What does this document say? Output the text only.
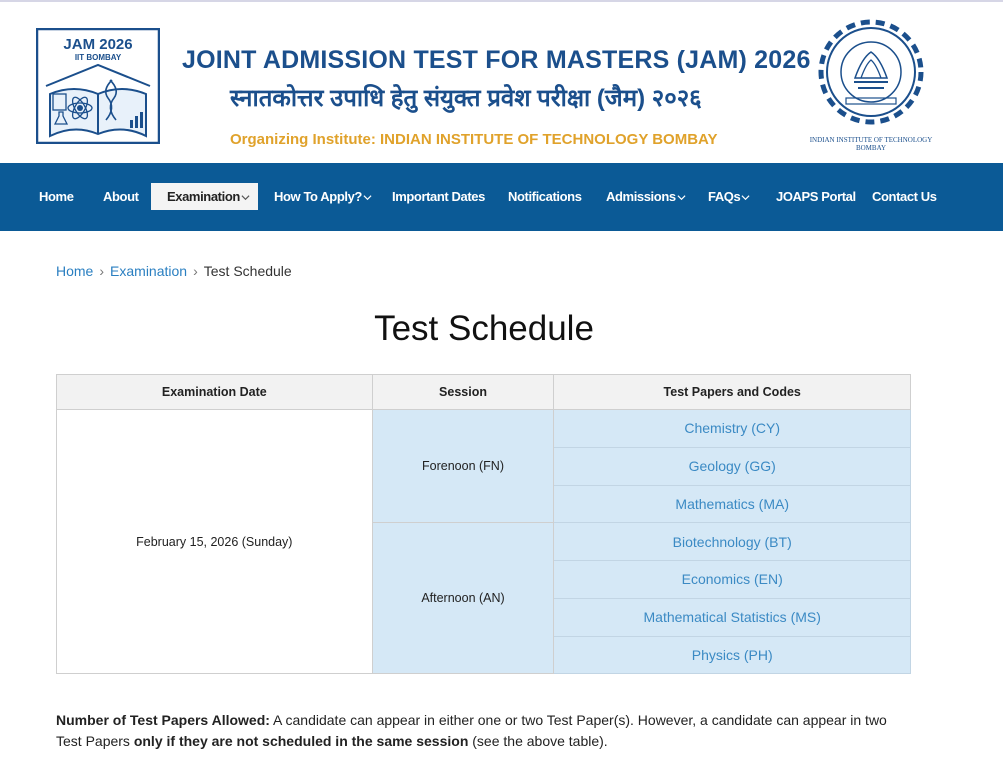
JAM 2026
IIT BOMBAY JOINT ADMISSION TEST FOR MASTERS (JAM) 2026
स्नातकोत्तर उपाधि हेतु संयुक्त प्रवेश परीक्षा (जैम) २०२६
Organizing Institute: INDIAN INSTITUTE OF TECHNOLOGY BOMBAY	INDIAN INSTITUTE OF TECHNOLOGY
BOMBAY
Home About	Examination	How To Apply?	Important Dates Notifications Admissions	FAQs	JOAPS Portal Contact Us
Home › Examination › Test Schedule
Test Schedule
Examination Date	Session	Test Papers and Codes
February 15, 2026 (Sunday)	Forenoon (FN)	Chemistry (CY)
		Geology (GG)
		Mathematics (MA)
	Afternoon (AN)	Biotechnology (BT)
		Economics (EN)
		Mathematical Statistics (MS)
		Physics (PH)

Number of Test Papers Allowed: A candidate can appear in either one or two Test Paper(s). However, a candidate can appear in two Test Papers only if they are not scheduled in the same session (see the above table).
